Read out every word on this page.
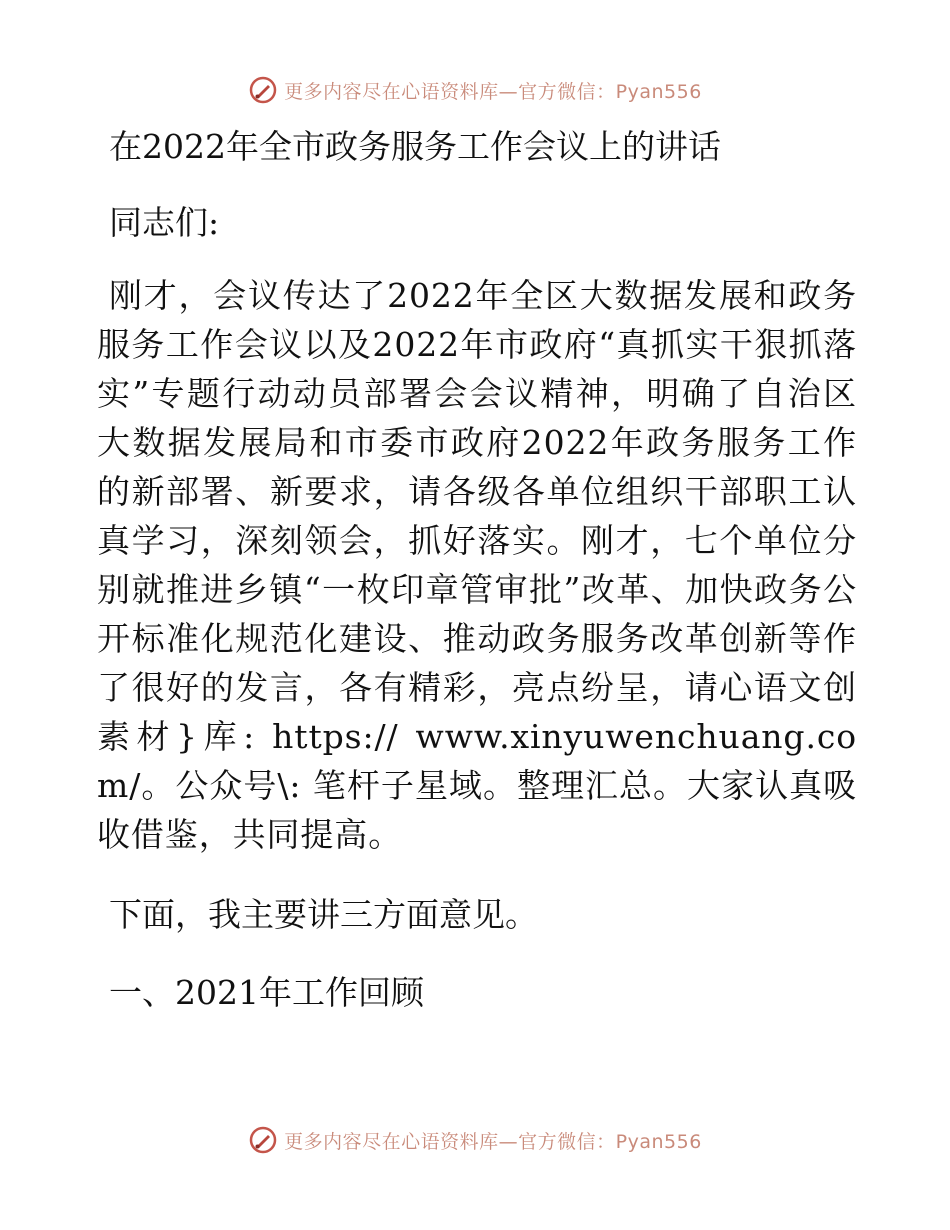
更多内容尽在心语资料库—官方微信：Pyan556

在2022年全市政务服务工作会议上的讲话

同志们:

刚才，会议传达了2022年全区大数据发展和政务服务工作会议以及2022年市政府“真抓实干狠抓落实”专题行动动员部署会会议精神，明确了自治区大数据发展局和市委市政府2022年政务服务工作的新部署、新要求，请各级各单位组织干部职工认真学习，深刻领会，抓好落实。刚才，七个单位分别就推进乡镇“一枚印章管审批”改革、加快政务公开标准化规范化建设、推动政务服务改革创新等作了很好的发言，各有精彩，亮点纷呈，请心语文创素材}库: https:// www.xinyuwenchuang.com/。公众号\: 笔杆子星域。整理汇总。大家认真吸收借鉴，共同提高。

下面，我主要讲三方面意见。

一、2021年工作回顾

更多内容尽在心语资料库—官方微信：Pyan556
